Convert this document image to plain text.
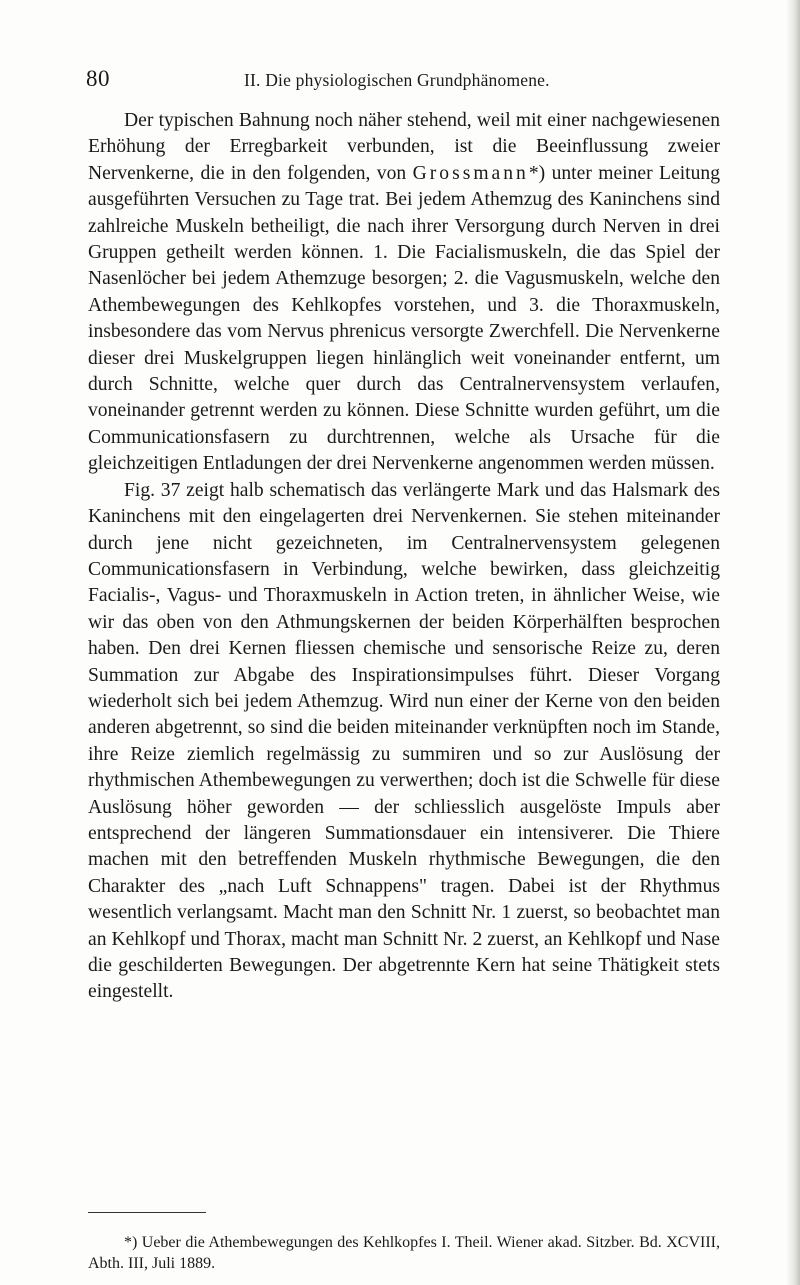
80	II. Die physiologischen Grundphänomene.

Der typischen Bahnung noch näher stehend, weil mit einer nachgewiesenen Erhöhung der Erregbarkeit verbunden, ist die Beeinflussung zweier Nervenkerne, die in den folgenden, von Grossmann*) unter meiner Leitung ausgeführten Versuchen zu Tage trat. Bei jedem Athemzug des Kaninchens sind zahlreiche Muskeln betheiligt, die nach ihrer Versorgung durch Nerven in drei Gruppen getheilt werden können. 1. Die Facialismuskeln, die das Spiel der Nasenlöcher bei jedem Athemzuge besorgen; 2. die Vagusmuskeln, welche den Athembewegungen des Kehlkopfes vorstehen, und 3. die Thoraxmuskeln, insbesondere das vom Nervus phrenicus versorgte Zwerchfell. Die Nervenkerne dieser drei Muskelgruppen liegen hinlänglich weit voneinander entfernt, um durch Schnitte, welche quer durch das Centralnervensystem verlaufen, voneinander getrennt werden zu können. Diese Schnitte wurden geführt, um die Communicationsfasern zu durchtrennen, welche als Ursache für die gleichzeitigen Entladungen der drei Nervenkerne angenommen werden müssen.

Fig. 37 zeigt halb schematisch das verlängerte Mark und das Halsmark des Kaninchens mit den eingelagerten drei Nervenkernen. Sie stehen miteinander durch jene nicht gezeichneten, im Centralnervensystem gelegenen Communicationsfasern in Verbindung, welche bewirken, dass gleichzeitig Facialis-, Vagus- und Thoraxmuskeln in Action treten, in ähnlicher Weise, wie wir das oben von den Athmungskernen der beiden Körperhälften besprochen haben. Den drei Kernen fliessen chemische und sensorische Reize zu, deren Summation zur Abgabe des Inspirationsimpulses führt. Dieser Vorgang wiederholt sich bei jedem Athemzug. Wird nun einer der Kerne von den beiden anderen abgetrennt, so sind die beiden miteinander verknüpften noch im Stande, ihre Reize ziemlich regelmässig zu summiren und so zur Auslösung der rhythmischen Athembewegungen zu verwerthen; doch ist die Schwelle für diese Auslösung höher geworden — der schliesslich ausgelöste Impuls aber entsprechend der längeren Summationsdauer ein intensiverer. Die Thiere machen mit den betreffenden Muskeln rhythmische Bewegungen, die den Charakter des „nach Luft Schnappens" tragen. Dabei ist der Rhythmus wesentlich verlangsamt. Macht man den Schnitt Nr. 1 zuerst, so beobachtet man an Kehlkopf und Thorax, macht man Schnitt Nr. 2 zuerst, an Kehlkopf und Nase die geschilderten Bewegungen. Der abgetrennte Kern hat seine Thätigkeit stets eingestellt.

*) Ueber die Athembewegungen des Kehlkopfes I. Theil. Wiener akad. Sitzber. Bd. XCVIII, Abth. III, Juli 1889.
